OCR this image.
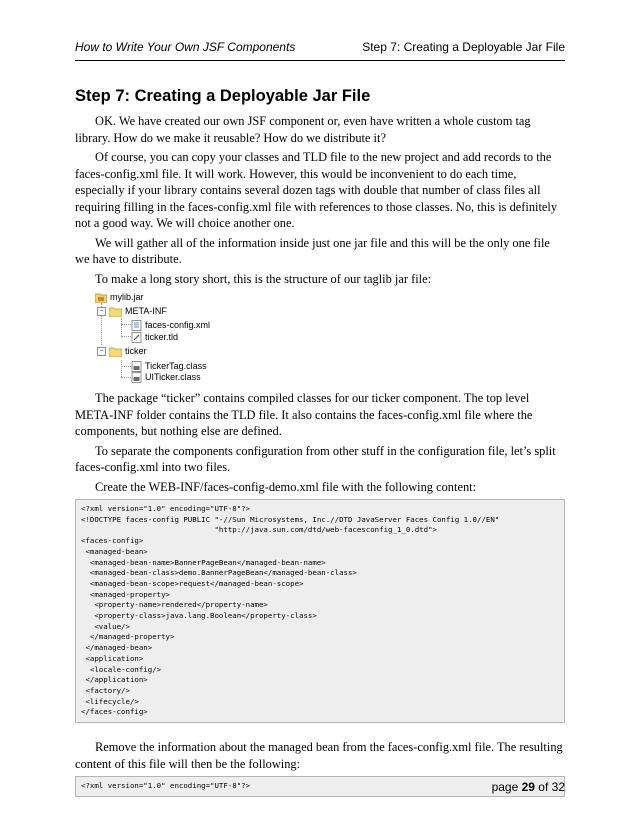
How to Write Your Own JSF Components	Step 7: Creating a Deployable Jar File
Step 7: Creating a Deployable Jar File

OK. We have created our own JSF component or, even have written a whole custom tag library. How do we make it reusable? How do we distribute it?

Of course, you can copy your classes and TLD file to the new project and add records to the faces-config.xml file. It will work. However, this would be inconvenient to do each time, especially if your library contains several dozen tags with double that number of class files all requiring filling in the faces-config.xml file with references to those classes. No, this is definitely not a good way. We will choice another one.

We will gather all of the information inside just one jar file and this will be the only one file we have to distribute.

To make a long story short, this is the structure of our taglib jar file:

mylib.jar
− META-INF
faces-config.xml
ticker.tld
− ticker
TickerTag.class
UITicker.class

The package “ticker” contains compiled classes for our ticker component. The top level META-INF folder contains the TLD file. It also contains the faces-config.xml file where the components, but nothing else are defined.

To separate the components configuration from other stuff in the configuration file, let’s split faces-config.xml into two files.

Create the WEB-INF/faces-config-demo.xml file with the following content:

<?xml version="1.0" encoding="UTF-8"?>
<!DOCTYPE faces-config PUBLIC "-//Sun Microsystems, Inc.//DTD JavaServer Faces Config 1.0//EN"
"http://java.sun.com/dtd/web-facesconfig_1_0.dtd">
<faces-config>
<managed-bean>
<managed-bean-name>BannerPageBean</managed-bean-name>
<managed-bean-class>demo.BannerPageBean</managed-bean-class>
<managed-bean-scope>request</managed-bean-scope>
<managed-property>
<property-name>rendered</property-name>
<property-class>java.lang.Boolean</property-class>
<value/>
</managed-property>
</managed-bean>
<application>
<locale-config/>
</application>
<factory/>
<lifecycle/>
</faces-config>

Remove the information about the managed bean from the faces-config.xml file. The resulting content of this file will then be the following:

<?xml version="1.0" encoding="UTF-8"?>	page 29 of 32
